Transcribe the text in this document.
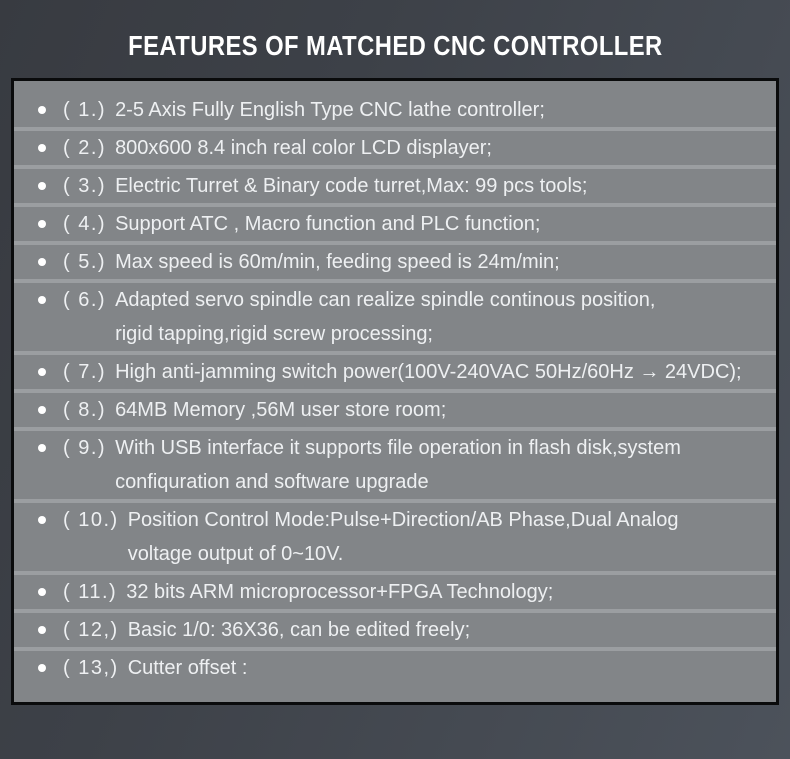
FEATURES OF MATCHED CNC CONTROLLER
( 1.) 2-5 Axis Fully English Type CNC lathe controller;
( 2.) 800x600 8.4 inch real color LCD displayer;
( 3.) Electric Turret & Binary code turret,Max: 99 pcs tools;
( 4.) Support ATC , Macro function and PLC function;
( 5.) Max speed is 60m/min, feeding speed is 24m/min;
( 6.) Adapted servo spindle can realize spindle continous position,
rigid tapping,rigid screw processing;
( 7.) High anti-jamming switch power(100V-240VAC 50Hz/60Hz → 24VDC);
( 8.) 64MB Memory ,56M user store room;
( 9.) With USB interface it supports file operation in flash disk,system
confiquration and software upgrade
( 10.) Position Control Mode:Pulse+Direction/AB Phase,Dual Analog
voltage output of 0~10V.
( 11.) 32 bits ARM microprocessor+FPGA Technology;
( 12,) Basic 1/0: 36X36, can be edited freely;
( 13,) Cutter offset :
